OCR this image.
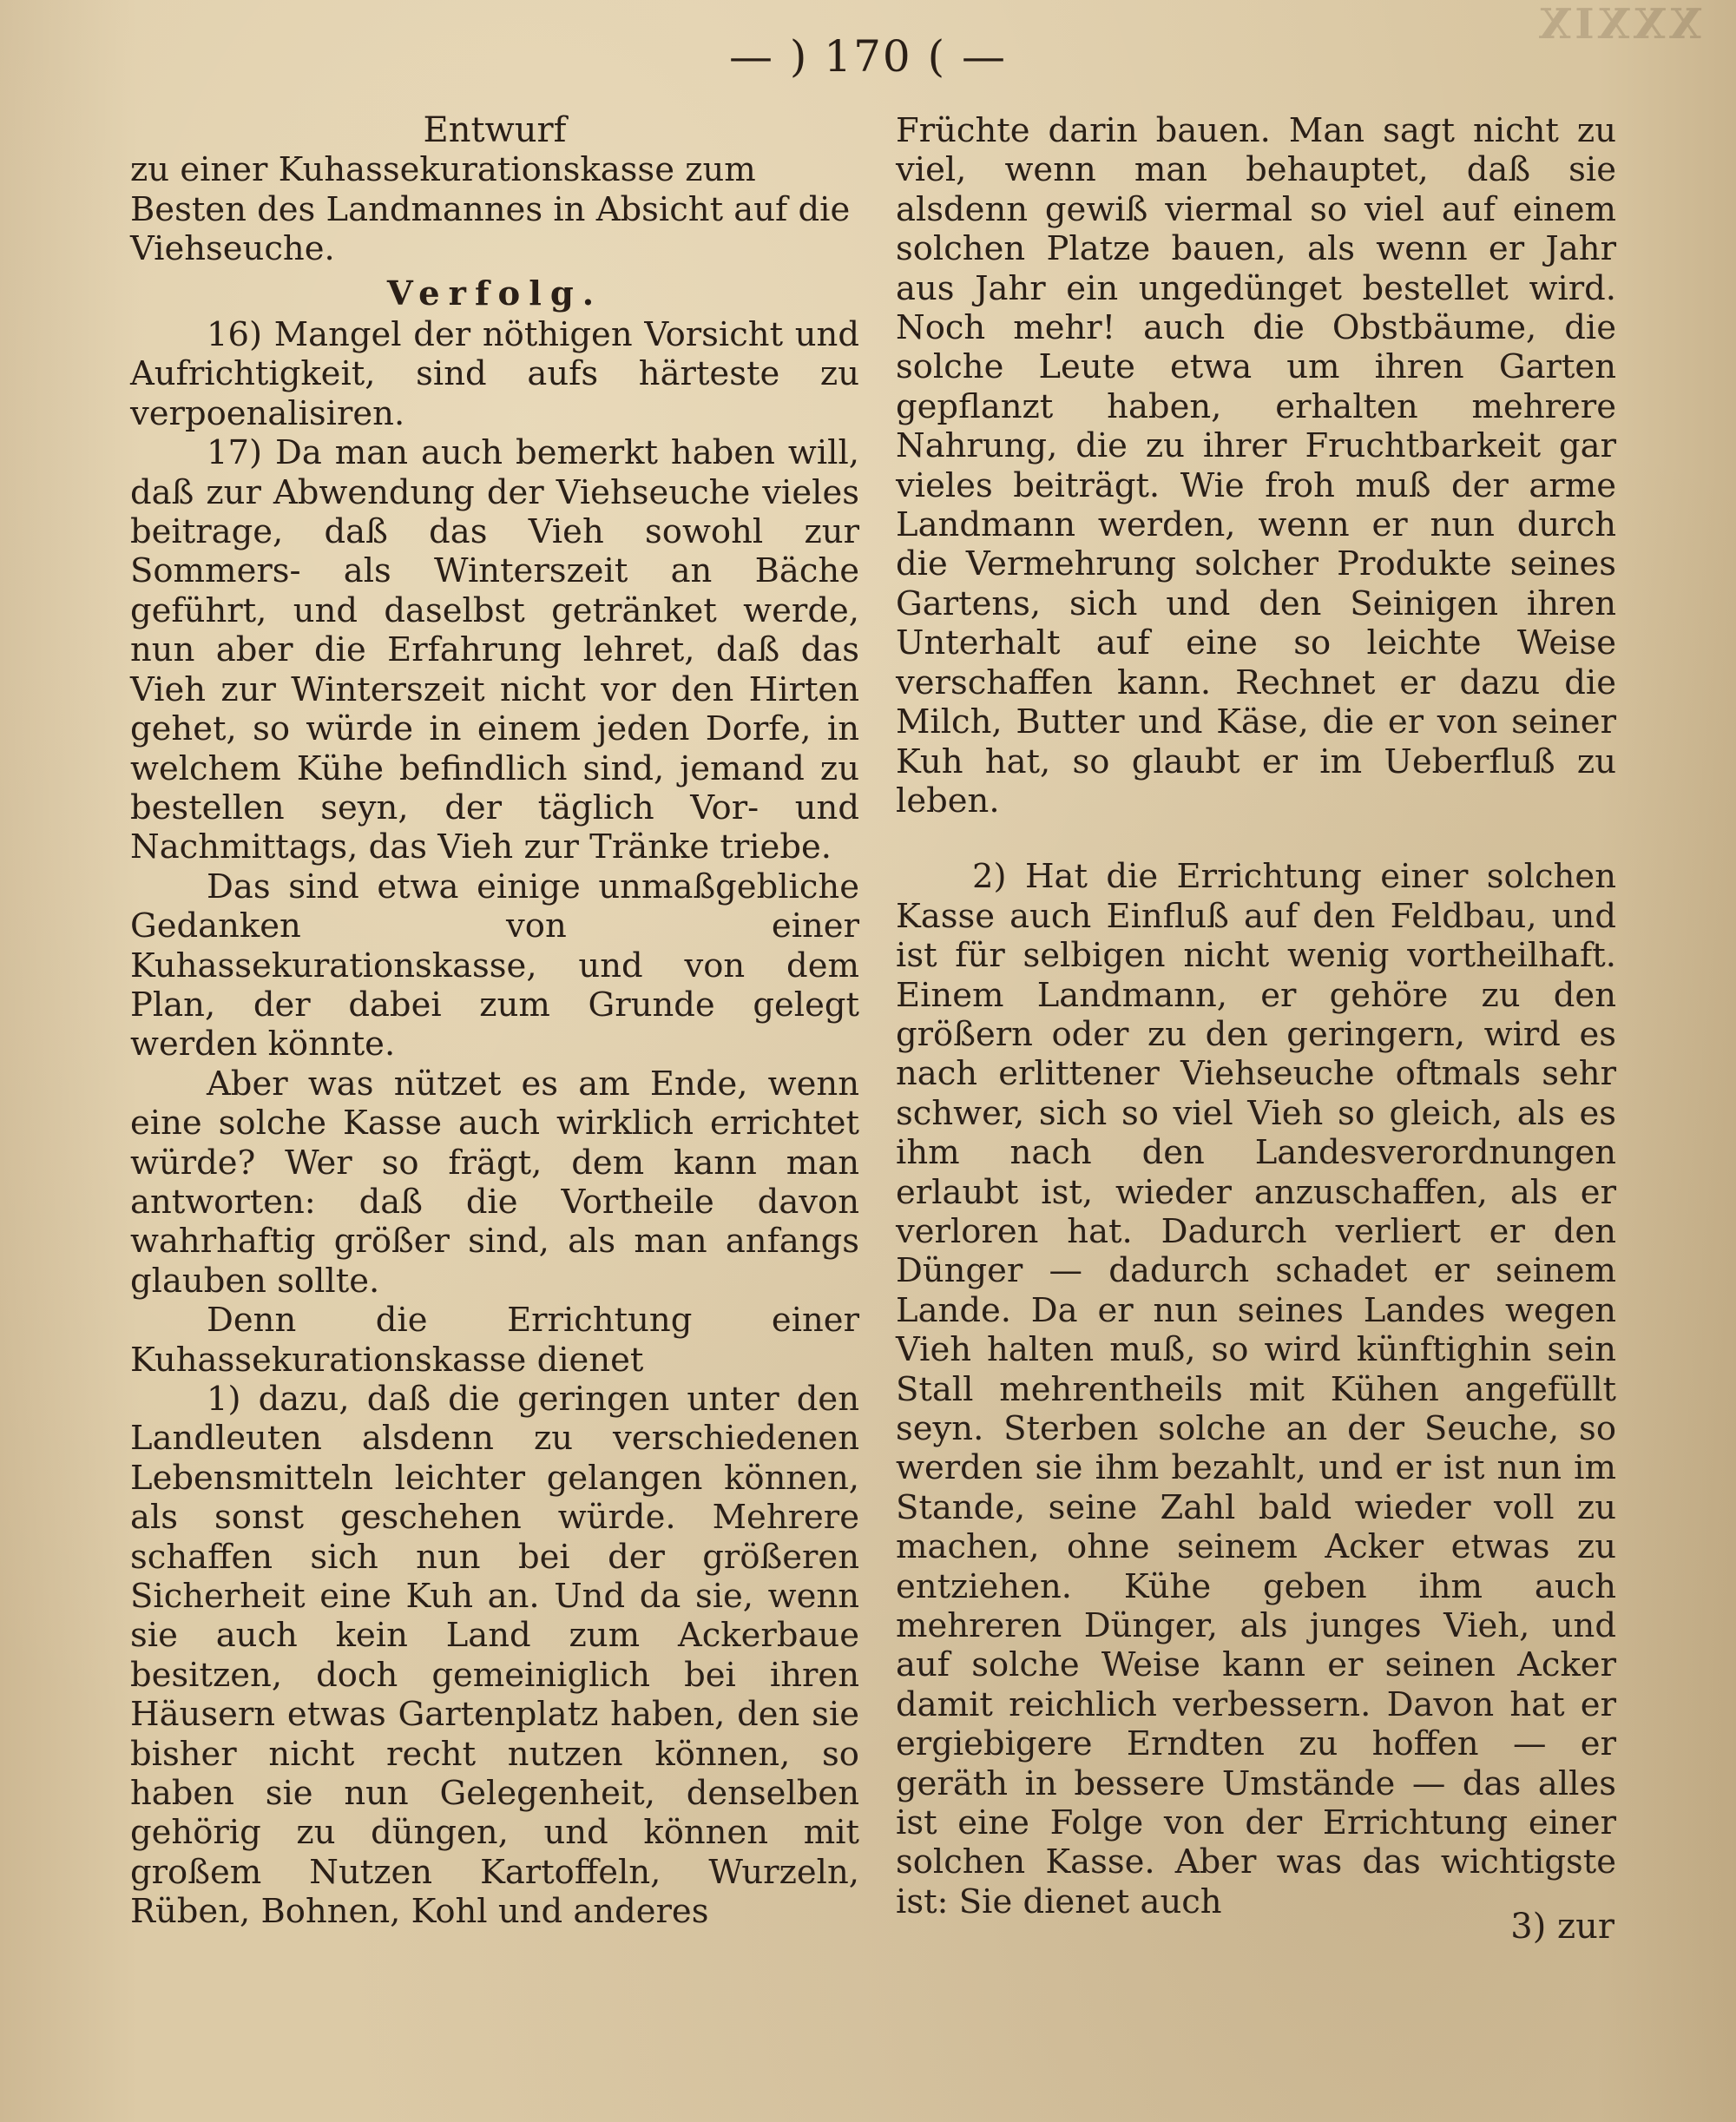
XXXIX
— ) 170 ( —

Entwurf

zu einer Kuhassekurationskasse zum Besten des Landmannes in Absicht auf die Viehseuche.

Verfolg.

16) Mangel der nöthigen Vorsicht und Aufrichtigkeit, sind aufs härteste zu verpoenalisiren.

17) Da man auch bemerkt haben will, daß zur Abwendung der Viehseuche vieles beitrage, daß das Vieh sowohl zur Sommers- als Winterszeit an Bäche geführt, und daselbst getränket werde, nun aber die Erfahrung lehret, daß das Vieh zur Winterszeit nicht vor den Hirten gehet, so würde in einem jeden Dorfe, in welchem Kühe befindlich sind, jemand zu bestellen seyn, der täglich Vor- und Nachmittags, das Vieh zur Tränke triebe.

Das sind etwa einige unmaßgebliche Gedanken von einer Kuhassekurationskasse, und von dem Plan, der dabei zum Grunde gelegt werden könnte.

Aber was nützet es am Ende, wenn eine solche Kasse auch wirklich errichtet würde? Wer so frägt, dem kann man antworten: daß die Vortheile davon wahrhaftig größer sind, als man anfangs glauben sollte.

Denn die Errichtung einer Kuhassekurationskasse dienet

1) dazu, daß die geringen unter den Landleuten alsdenn zu verschiedenen Lebensmitteln leichter gelangen können, als sonst geschehen würde. Mehrere schaffen sich nun bei der größeren Sicherheit eine Kuh an. Und da sie, wenn sie auch kein Land zum Ackerbaue besitzen, doch gemeiniglich bei ihren Häusern etwas Gartenplatz haben, den sie bisher nicht recht nutzen können, so haben sie nun Gelegenheit, denselben gehörig zu düngen, und können mit großem Nutzen Kartoffeln, Wurzeln, Rüben, Bohnen, Kohl und anderes

Früchte darin bauen. Man sagt nicht zu viel, wenn man behauptet, daß sie alsdenn gewiß viermal so viel auf einem solchen Platze bauen, als wenn er Jahr aus Jahr ein ungedünget bestellet wird. Noch mehr! auch die Obstbäume, die solche Leute etwa um ihren Garten gepflanzt haben, erhalten mehrere Nahrung, die zu ihrer Fruchtbarkeit gar vieles beiträgt. Wie froh muß der arme Landmann werden, wenn er nun durch die Vermehrung solcher Produkte seines Gartens, sich und den Seinigen ihren Unterhalt auf eine so leichte Weise verschaffen kann. Rechnet er dazu die Milch, Butter und Käse, die er von seiner Kuh hat, so glaubt er im Ueberfluß zu leben.

2) Hat die Errichtung einer solchen Kasse auch Einfluß auf den Feldbau, und ist für selbigen nicht wenig vortheilhaft. Einem Landmann, er gehöre zu den größern oder zu den geringern, wird es nach erlittener Viehseuche oftmals sehr schwer, sich so viel Vieh so gleich, als es ihm nach den Landesverordnungen erlaubt ist, wieder anzuschaffen, als er verloren hat. Dadurch verliert er den Dünger — dadurch schadet er seinem Lande. Da er nun seines Landes wegen Vieh halten muß, so wird künftighin sein Stall mehrentheils mit Kühen angefüllt seyn. Sterben solche an der Seuche, so werden sie ihm bezahlt, und er ist nun im Stande, seine Zahl bald wieder voll zu machen, ohne seinem Acker etwas zu entziehen. Kühe geben ihm auch mehreren Dünger, als junges Vieh, und auf solche Weise kann er seinen Acker damit reichlich verbessern. Davon hat er ergiebigere Erndten zu hoffen — er geräth in bessere Umstände — das alles ist eine Folge von der Errichtung einer solchen Kasse. Aber was das wichtigste ist: Sie dienet auch

3) zur
